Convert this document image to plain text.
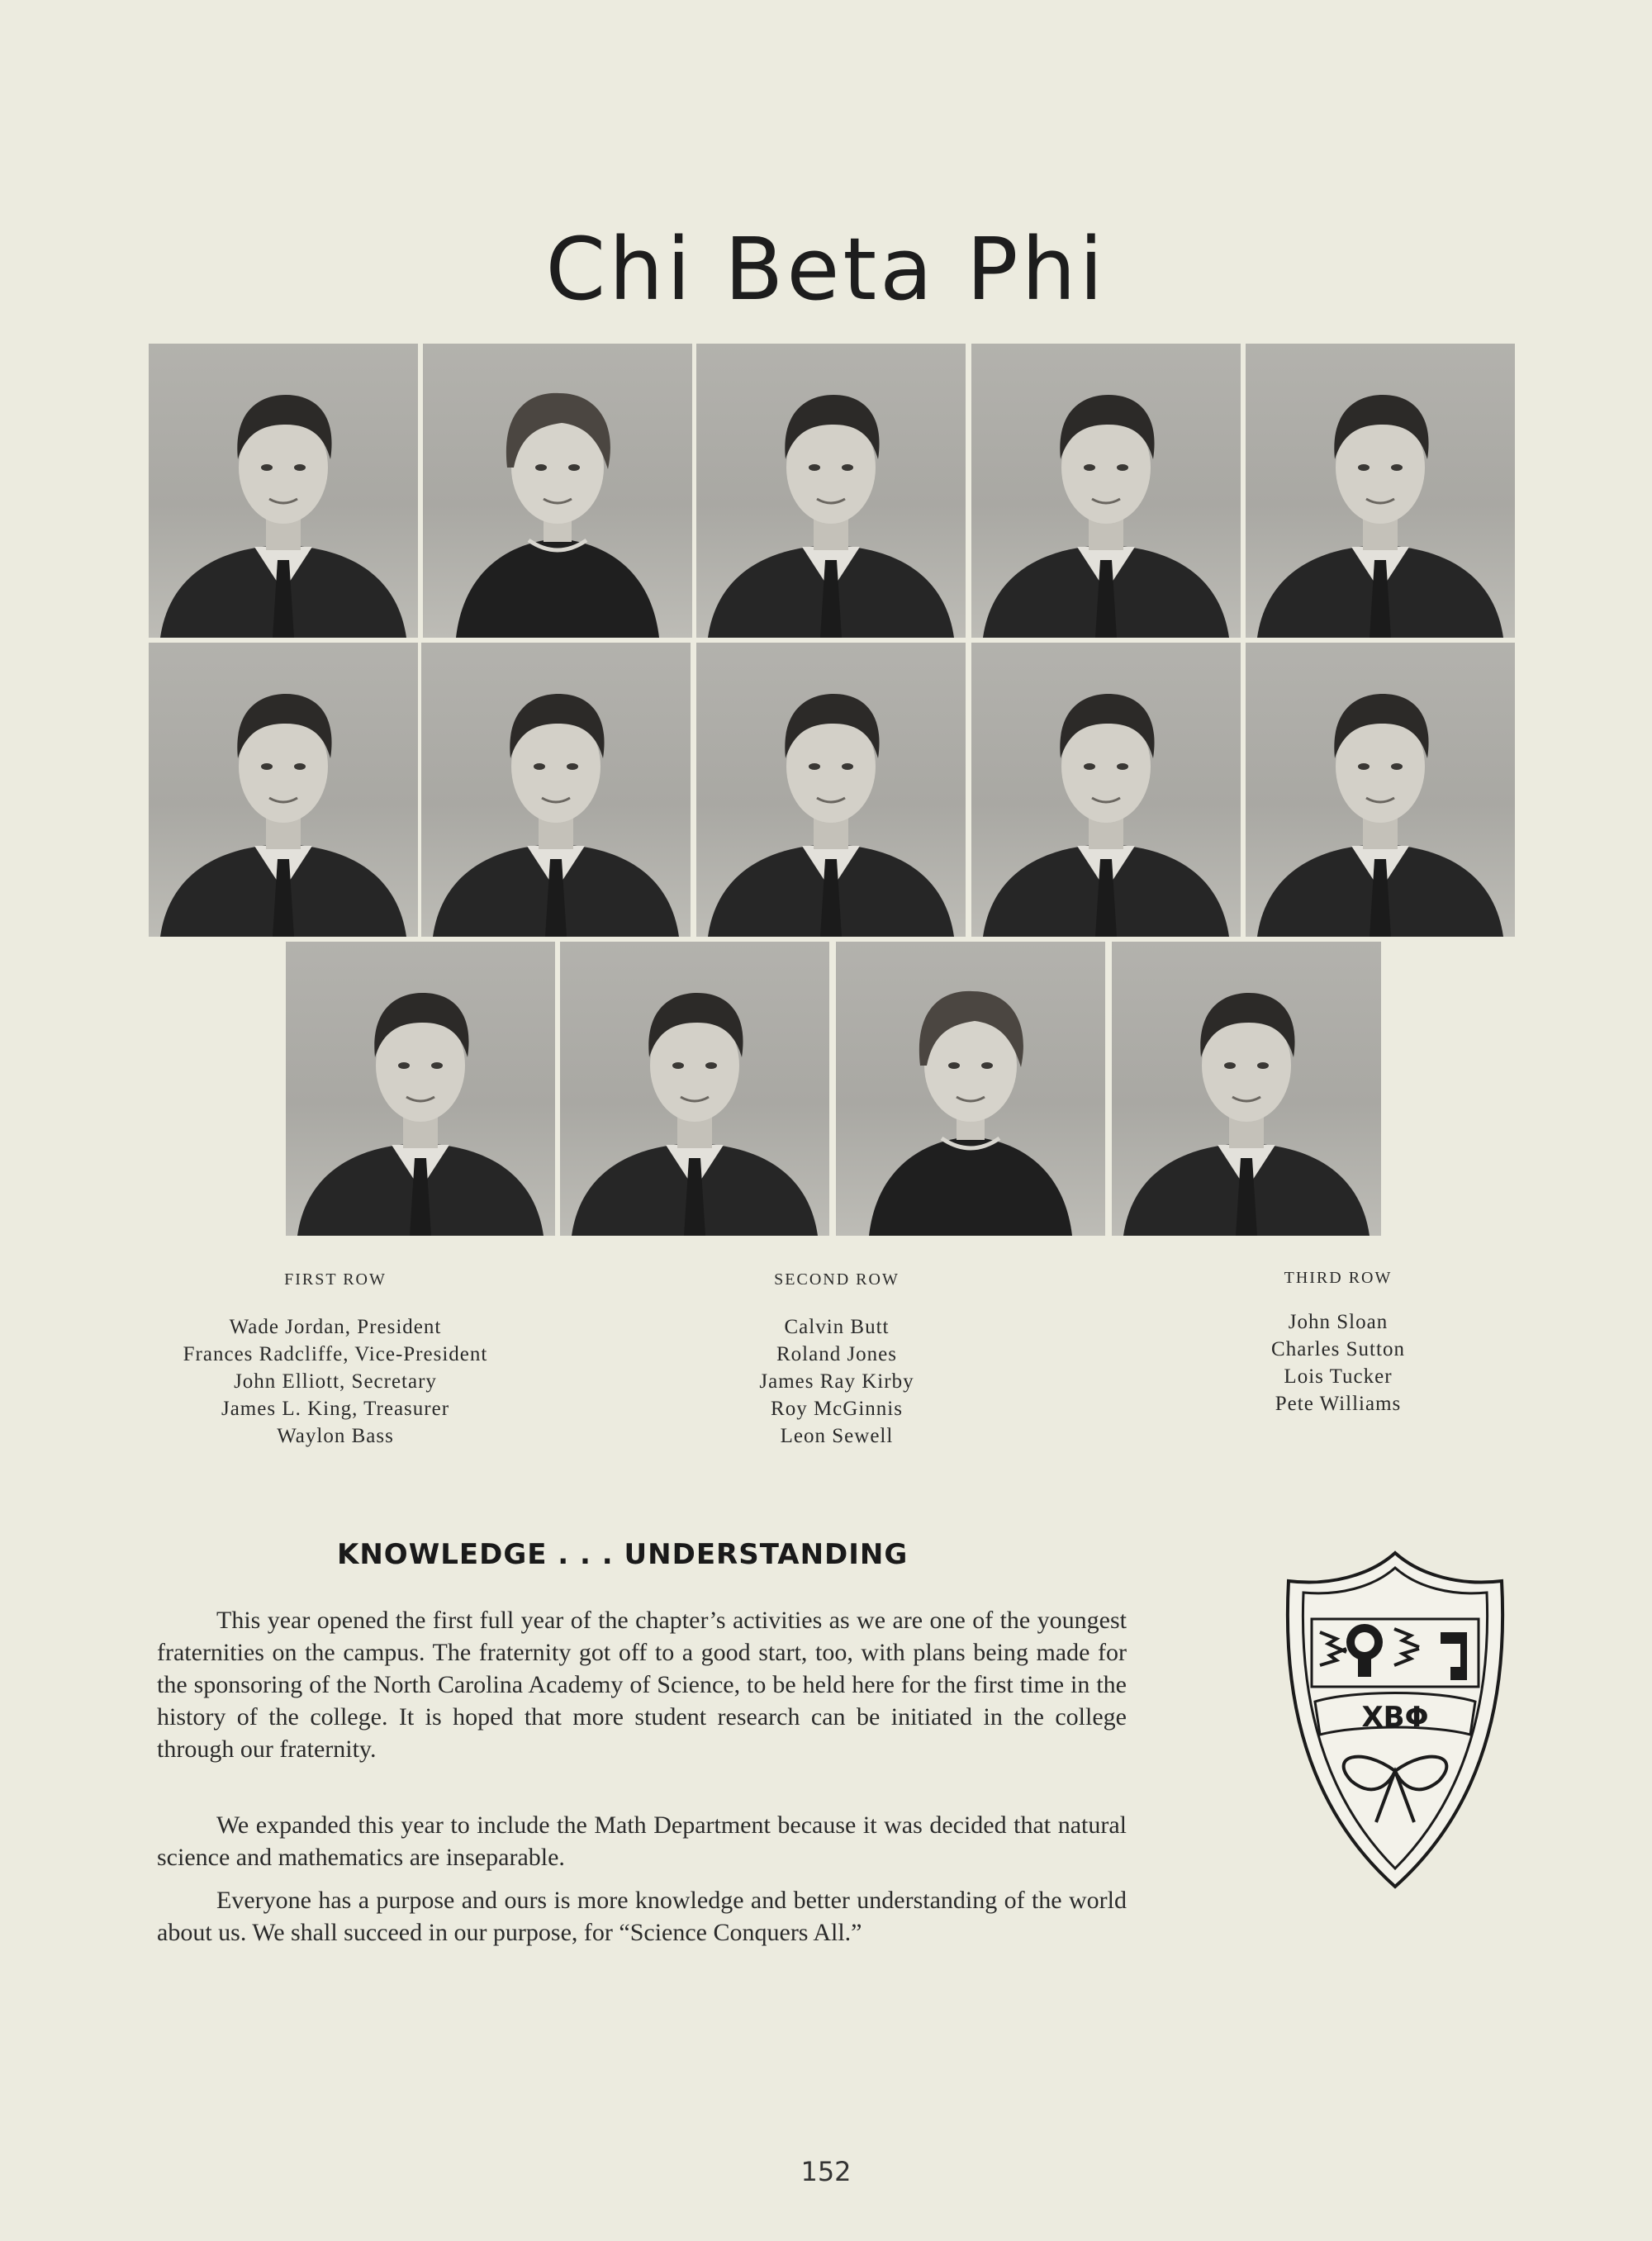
Chi Beta Phi
FIRST ROW
Wade Jordan, President
Frances Radcliffe, Vice-President
John Elliott, Secretary
James L. King, Treasurer
Waylon Bass
SECOND ROW
Calvin Butt
Roland Jones
James Ray Kirby
Roy McGinnis
Leon Sewell
THIRD ROW
John Sloan
Charles Sutton
Lois Tucker
Pete Williams
KNOWLEDGE . . . UNDERSTANDING

This year opened the first full year of the chapter’s activities as we are one of the youngest fraternities on the campus. The fraternity got off to a good start, too, with plans being made for the sponsoring of the North Carolina Academy of Science, to be held here for the first time in the history of the college. It is hoped that more student research can be initiated in the college through our fraternity.

We expanded this year to include the Math Department because it was decided that natural science and mathematics are inseparable.

Everyone has a purpose and ours is more knowledge and better understanding of the world about us. We shall succeed in our purpose, for “Science Conquers All.”

ΧΒΦ
152
